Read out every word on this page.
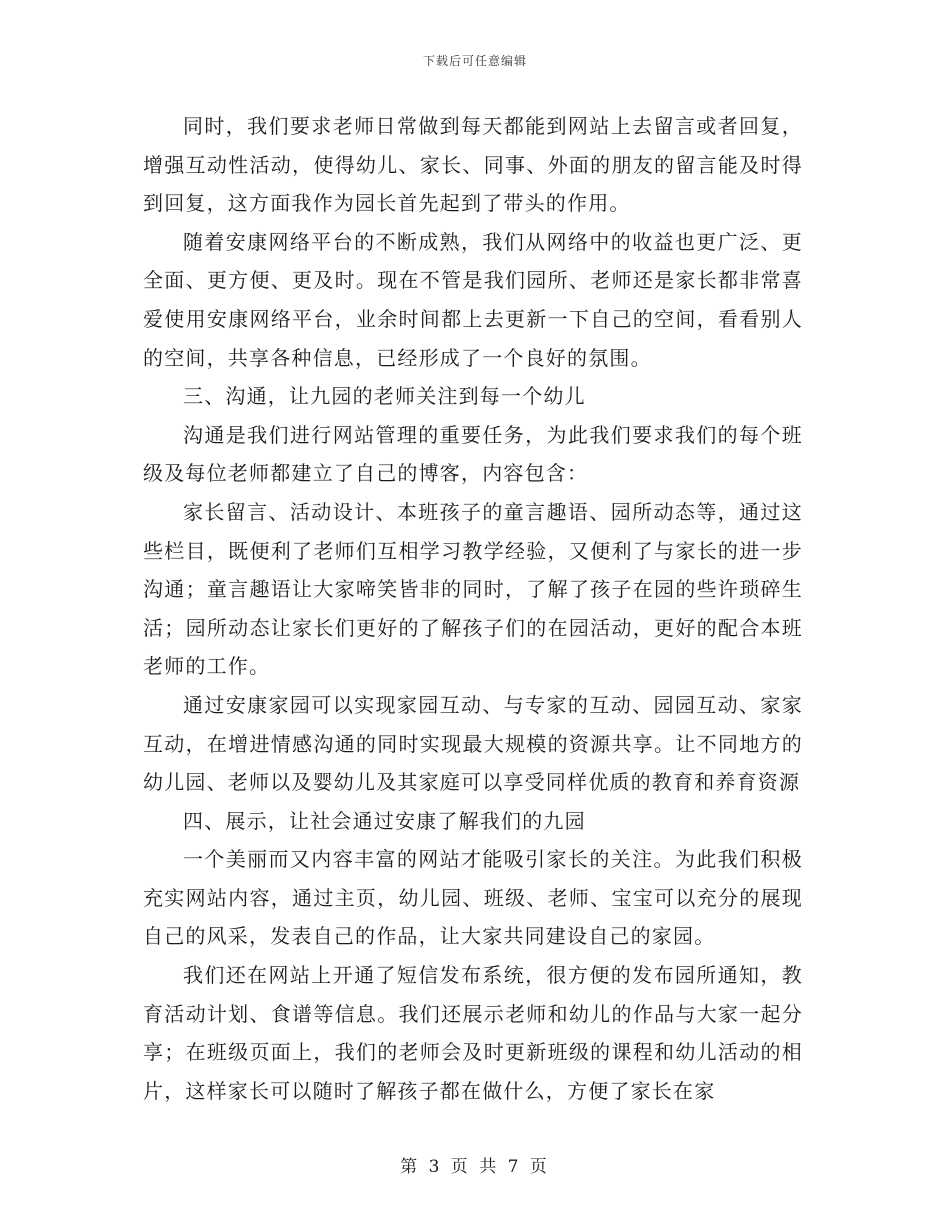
下载后可任意编辑

同时，我们要求老师日常做到每天都能到网站上去留言或者回复，增强互动性活动，使得幼儿、家长、同事、外面的朋友的留言能及时得到回复，这方面我作为园长首先起到了带头的作用。

随着安康网络平台的不断成熟，我们从网络中的收益也更广泛、更全面、更方便、更及时。现在不管是我们园所、老师还是家长都非常喜爱使用安康网络平台，业余时间都上去更新一下自己的空间，看看别人的空间，共享各种信息，已经形成了一个良好的氛围。

三、沟通，让九园的老师关注到每一个幼儿

沟通是我们进行网站管理的重要任务，为此我们要求我们的每个班级及每位老师都建立了自己的博客，内容包含：

家长留言、活动设计、本班孩子的童言趣语、园所动态等，通过这些栏目，既便利了老师们互相学习教学经验，又便利了与家长的进一步沟通；童言趣语让大家啼笑皆非的同时，了解了孩子在园的些许琐碎生活；园所动态让家长们更好的了解孩子们的在园活动，更好的配合本班老师的工作。

通过安康家园可以实现家园互动、与专家的互动、园园互动、家家互动，在增进情感沟通的同时实现最大规模的资源共享。让不同地方的幼儿园、老师以及婴幼儿及其家庭可以享受同样优质的教育和养育资源

四、展示，让社会通过安康了解我们的九园

一个美丽而又内容丰富的网站才能吸引家长的关注。为此我们积极充实网站内容，通过主页，幼儿园、班级、老师、宝宝可以充分的展现自己的风采，发表自己的作品，让大家共同建设自己的家园。

我们还在网站上开通了短信发布系统，很方便的发布园所通知，教育活动计划、食谱等信息。我们还展示老师和幼儿的作品与大家一起分享；在班级页面上，我们的老师会及时更新班级的课程和幼儿活动的相片，这样家长可以随时了解孩子都在做什么，方便了家长在家

第 3 页 共 7 页
